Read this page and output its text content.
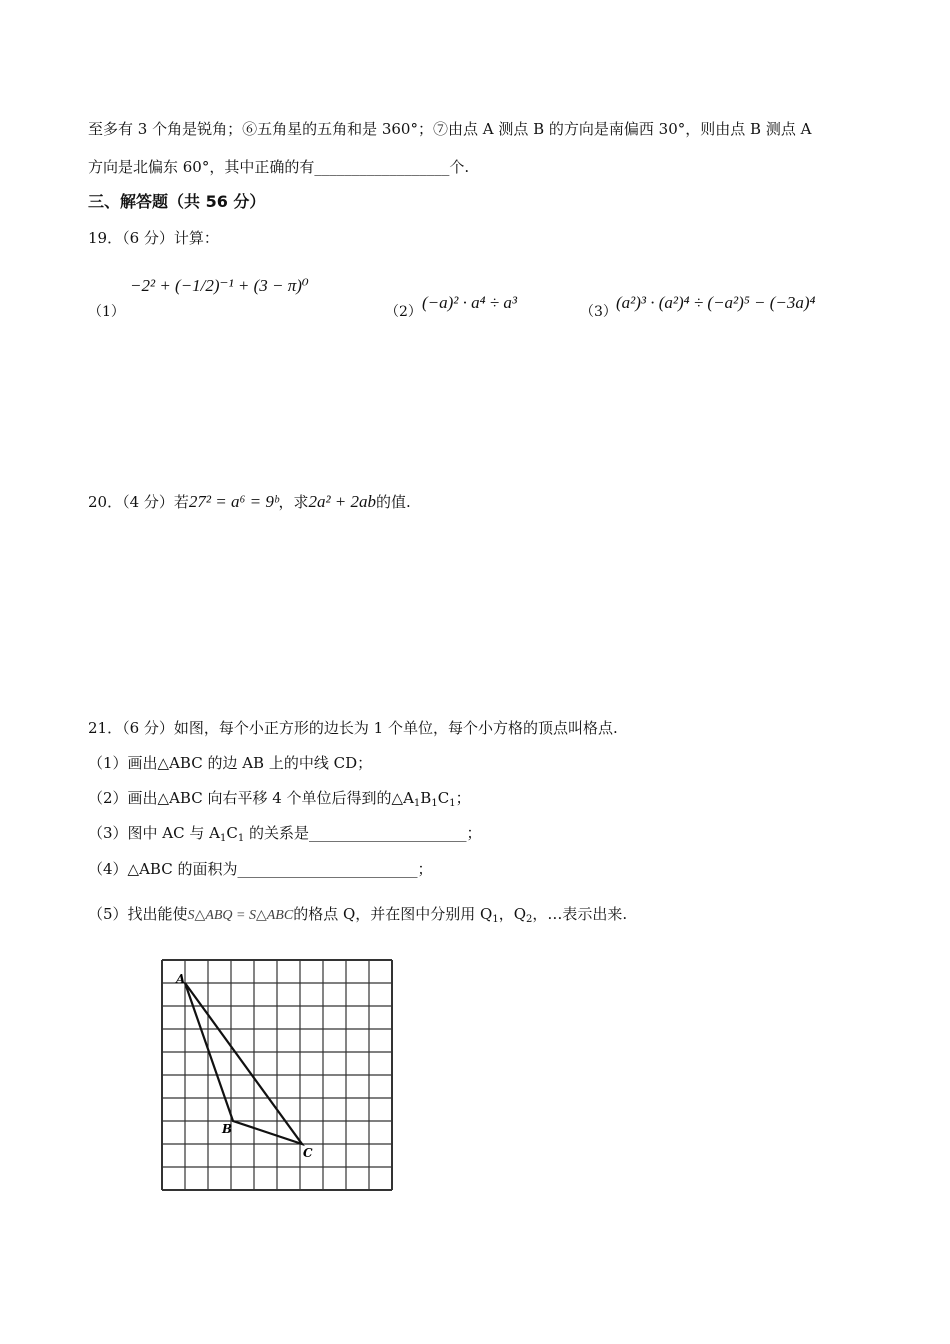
至多有 3 个角是锐角；⑥五角星的五角和是 360°；⑦由点 A 测点 B 的方向是南偏西 30°，则由点 B 测点 A
方向是北偏东 60°，其中正确的有__________________个.
三、解答题（共 56 分）
19．（6 分）计算：
（1）
−2² + (−1/2)⁻¹ + (3 − π)⁰
（2） (−a)² · a⁴ ÷ a³	（3） (a²)³ · (a²)⁴ ÷ (−a²)⁵ − (−3a)⁴
20．（4 分）若27² = a⁶ = 9ᵇ，求2a² + 2ab的值.
21．（6 分）如图，每个小正方形的边长为 1 个单位，每个小方格的顶点叫格点.
（1）画出△ABC 的边 AB 上的中线 CD；
（2）画出△ABC 向右平移 4 个单位后得到的$\triangle A_1B_1C_1$；
（3）图中 AC 与 $A_1C_1$ 的关系是_____________________；
（4）△ABC 的面积为________________________；
（5）找出能使S△ABQ = S△ABC的格点 Q，并在图中分别用 $Q_1$，$Q_2$，…表示出来.
A
B
C
